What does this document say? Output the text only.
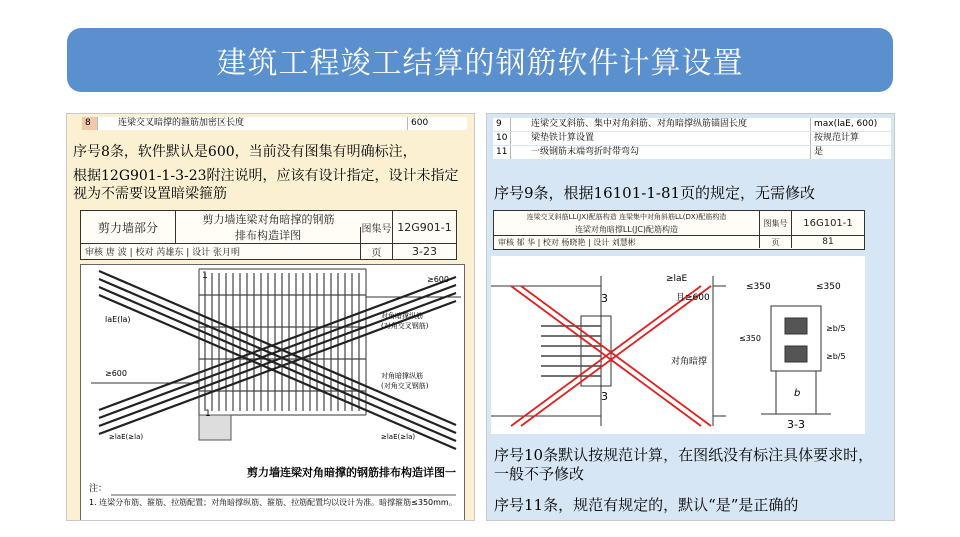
建筑工程竣工结算的钢筋软件计算设置
8	连梁交叉暗撑的箍筋加密区长度	600
序号8条，软件默认是600，当前没有图集有明确标注，
根据12G901-1-3-23附注说明，应该有设计指定，设计未指定视为不需要设置暗梁箍筋
剪力墙部分
剪力墙连梁对角暗撑的钢筋
排布构造详图	图集号 12G901-1
审核 唐 波 | 校对 芮雄东 | 设计 张月明	页	3-23
1	≥600
laE(la)
≥600
对角暗撑纵筋
(对角交叉钢筋)
对角暗撑纵筋
(对角交叉钢筋)
≥laE(≥la)	≥laE(≥la)
1
剪力墙连梁对角暗撑的钢筋排布构造详图一
注：
1. 连梁分布筋、箍筋、拉筋配置；对角暗撑纵筋、箍筋、拉筋配置均以设计为准。暗撑箍筋≤350mm。
9	连梁交叉斜筋、集中对角斜筋、对角暗撑纵筋锚固长度	max(laE, 600)
10	梁垫铁计算设置	按规范计算
11	一级钢筋末端弯折时带弯勾	是
序号9条，根据16101-1-81页的规定，无需修改
连梁交叉斜筋LL(JX)配筋构造 连梁集中对角斜筋LL(DX)配筋构造
连梁对角暗撑LL(JC)配筋构造
图集号	16G101-1
审核 郁 华 | 校对 杨晓艳 | 设计 刘慧彬	页	81
3
3
≥laE
且≥600
对角暗撑
≤350	≤350
≤350
≥b/5
≥b/5
b
3-3
序号10条默认按规范计算，在图纸没有标注具体要求时，一般不予修改
序号11条，规范有规定的，默认“是”是正确的
